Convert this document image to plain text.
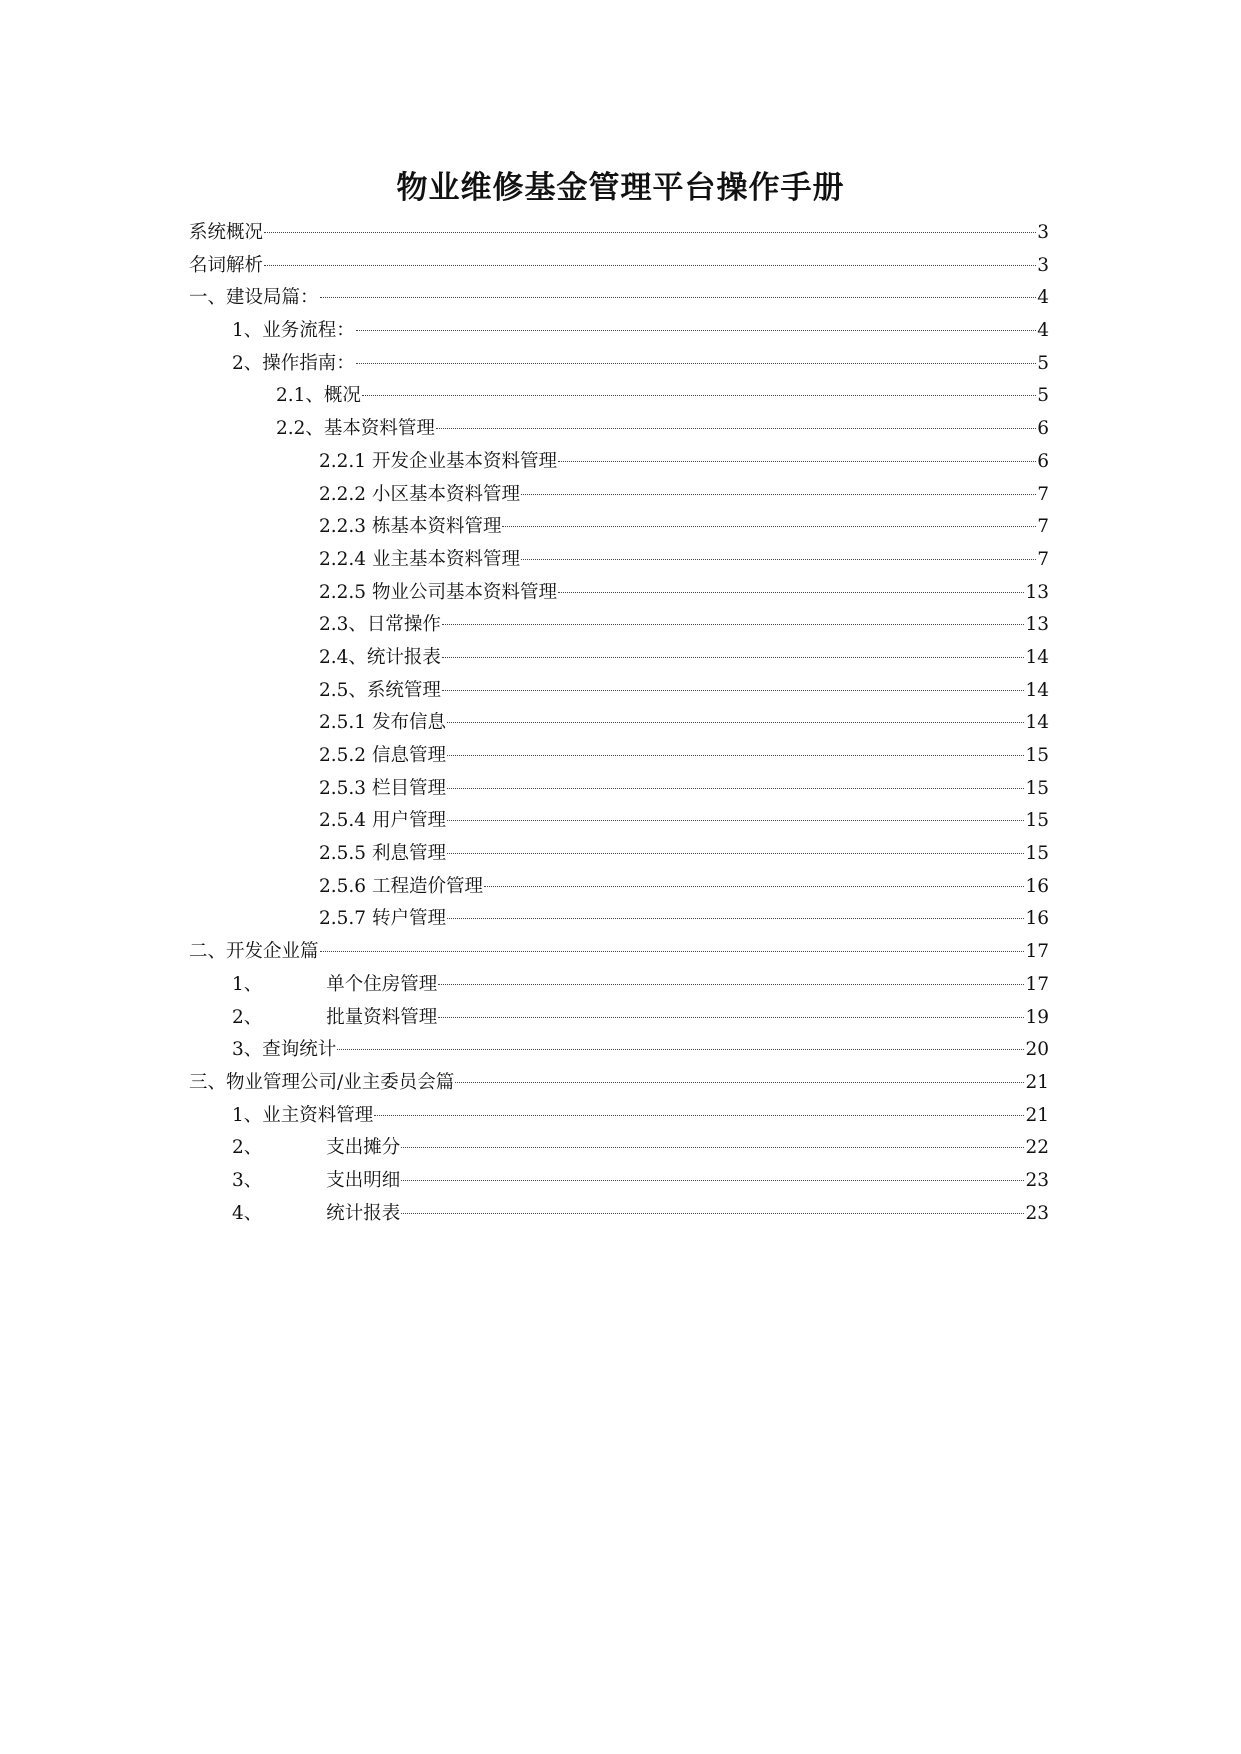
物业维修基金管理平台操作手册
系统概况	3
名词解析	3
一、建设局篇：	4
1、业务流程：	4
2、操作指南：	5
2.1、概况	5
2.2、基本资料管理	6
2.2.1 开发企业基本资料管理	6
2.2.2 小区基本资料管理	7
2.2.3 栋基本资料管理	7
2.2.4 业主基本资料管理	7
2.2.5 物业公司基本资料管理	13
2.3、日常操作	13
2.4、统计报表	14
2.5、系统管理	14
2.5.1 发布信息	14
2.5.2 信息管理	15
2.5.3 栏目管理	15
2.5.4 用户管理	15
2.5.5 利息管理	15
2.5.6 工程造价管理	16
2.5.7 转户管理	16
二、开发企业篇	17
1、	单个住房管理	17
2、	批量资料管理	19
3、查询统计	20
三、物业管理公司/业主委员会篇	21
1、业主资料管理	21
2、	支出摊分	22
3、	支出明细	23
4、	统计报表	23
